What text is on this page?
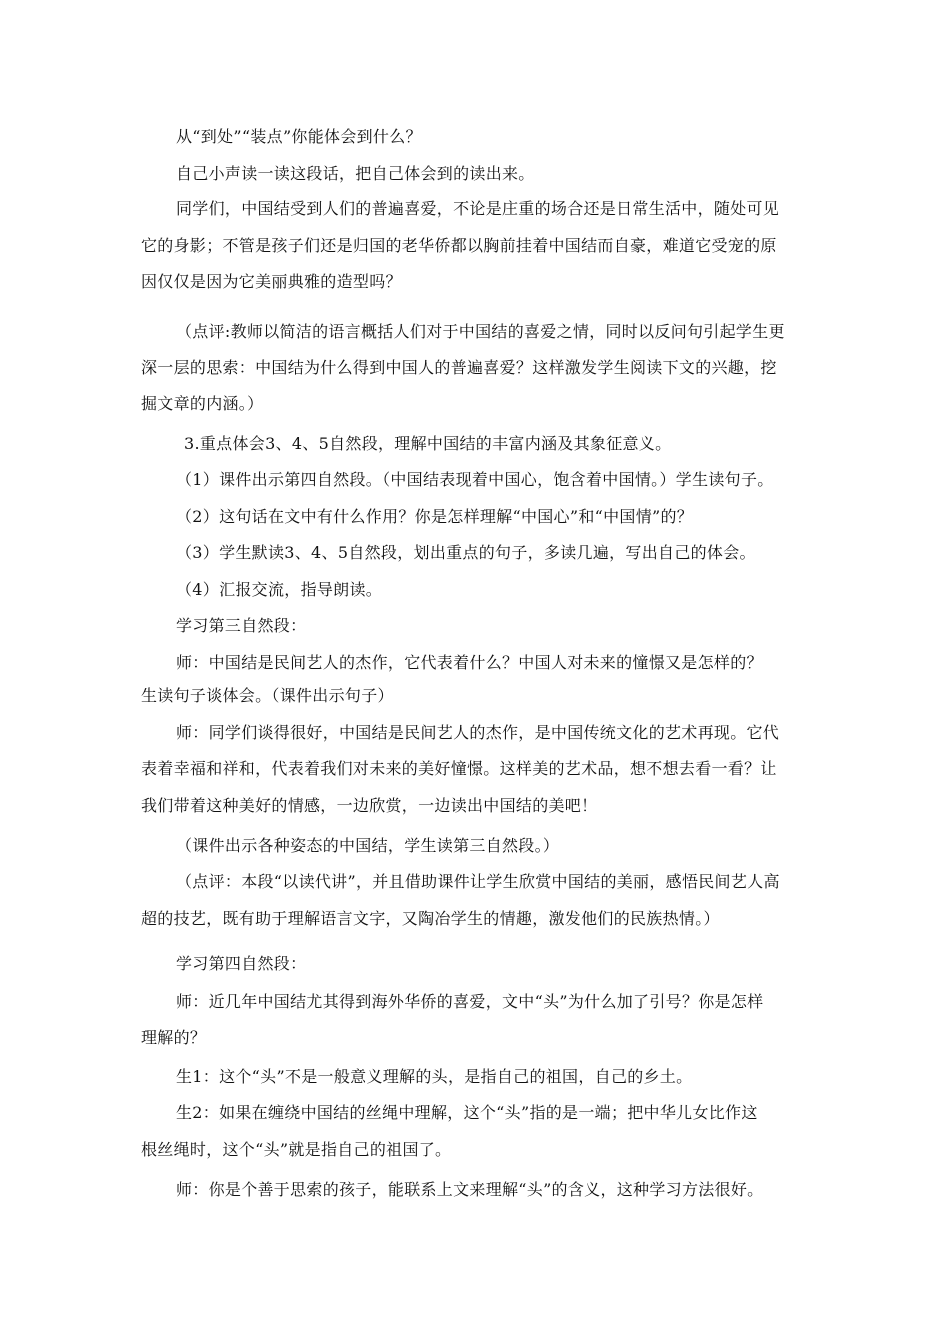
从“到处”“装点”你能体会到什么？
自己小声读一读这段话，把自己体会到的读出来。
同学们，中国结受到人们的普遍喜爱，不论是庄重的场合还是日常生活中，随处可见
它的身影；不管是孩子们还是归国的老华侨都以胸前挂着中国结而自豪，难道它受宠的原
因仅仅是因为它美丽典雅的造型吗？
（点评:教师以简洁的语言概括人们对于中国结的喜爱之情，同时以反问句引起学生更
深一层的思索：中国结为什么得到中国人的普遍喜爱？这样激发学生阅读下文的兴趣，挖
掘文章的内涵。）
3.重点体会3、4、5自然段，理解中国结的丰富内涵及其象征意义。
（1）课件出示第四自然段。（中国结表现着中国心，饱含着中国情。）学生读句子。
（2）这句话在文中有什么作用？你是怎样理解“中国心”和“中国情”的？
（3）学生默读3、4、5自然段，划出重点的句子，多读几遍，写出自己的体会。
（4）汇报交流，指导朗读。
学习第三自然段：
师：中国结是民间艺人的杰作，它代表着什么？中国人对未来的憧憬又是怎样的？
生读句子谈体会。（课件出示句子）
师：同学们谈得很好，中国结是民间艺人的杰作，是中国传统文化的艺术再现。它代
表着幸福和祥和，代表着我们对未来的美好憧憬。这样美的艺术品，想不想去看一看？让
我们带着这种美好的情感，一边欣赏，一边读出中国结的美吧！
（课件出示各种姿态的中国结，学生读第三自然段。）
（点评：本段“以读代讲”，并且借助课件让学生欣赏中国结的美丽，感悟民间艺人高
超的技艺，既有助于理解语言文字，又陶冶学生的情趣，激发他们的民族热情。）
学习第四自然段：
师：近几年中国结尤其得到海外华侨的喜爱，文中“头”为什么加了引号？你是怎样
理解的？
生1：这个“头”不是一般意义理解的头，是指自己的祖国，自己的乡土。
生2：如果在缠绕中国结的丝绳中理解，这个“头”指的是一端；把中华儿女比作这
根丝绳时，这个“头”就是指自己的祖国了。
师：你是个善于思索的孩子，能联系上文来理解“头”的含义，这种学习方法很好。
